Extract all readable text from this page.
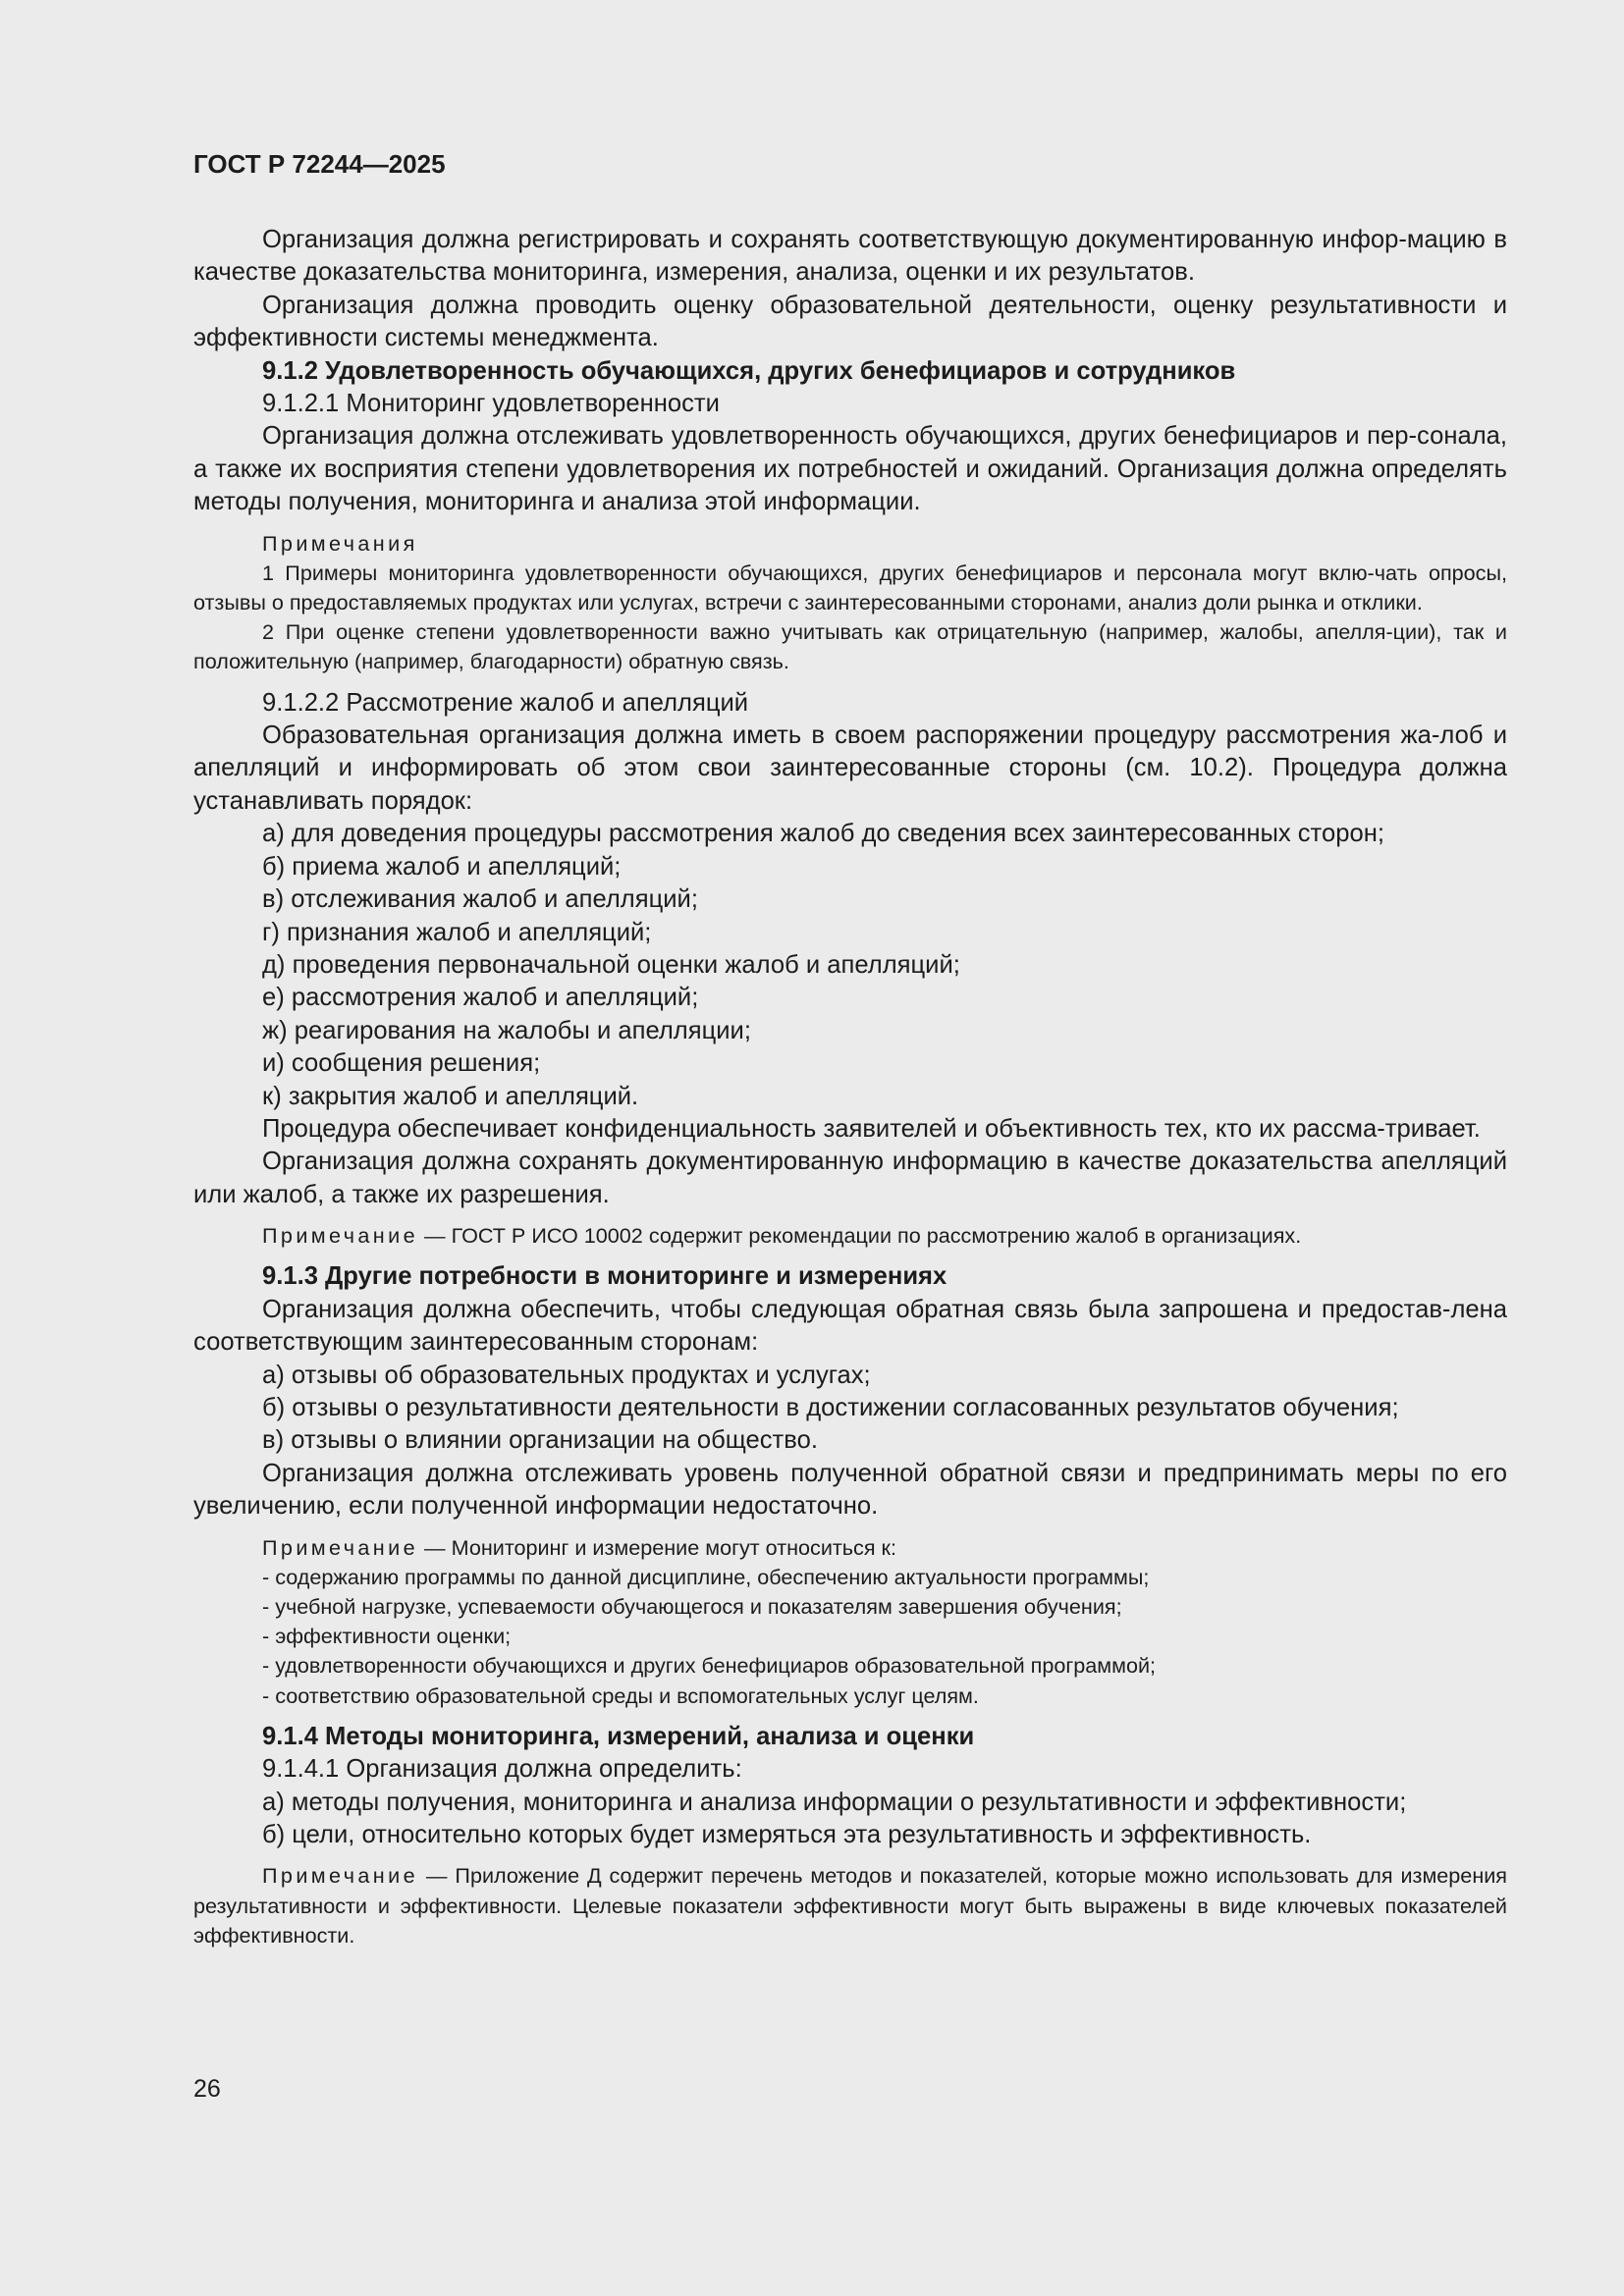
ГОСТ Р 72244—2025

Организация должна регистрировать и сохранять соответствующую документированную инфор-мацию в качестве доказательства мониторинга, измерения, анализа, оценки и их результатов.

Организация должна проводить оценку образовательной деятельности, оценку результативности и эффективности системы менеджмента.

9.1.2 Удовлетворенность обучающихся, других бенефициаров и сотрудников

9.1.2.1 Мониторинг удовлетворенности

Организация должна отслеживать удовлетворенность обучающихся, других бенефициаров и пер-сонала, а также их восприятия степени удовлетворения их потребностей и ожиданий. Организация должна определять методы получения, мониторинга и анализа этой информации.

Примечания

1 Примеры мониторинга удовлетворенности обучающихся, других бенефициаров и персонала могут вклю-чать опросы, отзывы о предоставляемых продуктах или услугах, встречи с заинтересованными сторонами, анализ доли рынка и отклики.

2 При оценке степени удовлетворенности важно учитывать как отрицательную (например, жалобы, апелля-ции), так и положительную (например, благодарности) обратную связь.

9.1.2.2 Рассмотрение жалоб и апелляций

Образовательная организация должна иметь в своем распоряжении процедуру рассмотрения жа-лоб и апелляций и информировать об этом свои заинтересованные стороны (см. 10.2). Процедура должна устанавливать порядок:

а) для доведения процедуры рассмотрения жалоб до сведения всех заинтересованных сторон;

б) приема жалоб и апелляций;

в) отслеживания жалоб и апелляций;

г) признания жалоб и апелляций;

д) проведения первоначальной оценки жалоб и апелляций;

е) рассмотрения жалоб и апелляций;

ж) реагирования на жалобы и апелляции;

и) сообщения решения;

к) закрытия жалоб и апелляций.

Процедура обеспечивает конфиденциальность заявителей и объективность тех, кто их рассма-тривает.

Организация должна сохранять документированную информацию в качестве доказательства апелляций или жалоб, а также их разрешения.

Примечание — ГОСТ Р ИСО 10002 содержит рекомендации по рассмотрению жалоб в организациях.

9.1.3 Другие потребности в мониторинге и измерениях

Организация должна обеспечить, чтобы следующая обратная связь была запрошена и предостав-лена соответствующим заинтересованным сторонам:

а) отзывы об образовательных продуктах и услугах;

б) отзывы о результативности деятельности в достижении согласованных результатов обучения;

в) отзывы о влиянии организации на общество.

Организация должна отслеживать уровень полученной обратной связи и предпринимать меры по его увеличению, если полученной информации недостаточно.

Примечание — Мониторинг и измерение могут относиться к:

- содержанию программы по данной дисциплине, обеспечению актуальности программы;

- учебной нагрузке, успеваемости обучающегося и показателям завершения обучения;

- эффективности оценки;

- удовлетворенности обучающихся и других бенефициаров образовательной программой;

- соответствию образовательной среды и вспомогательных услуг целям.

9.1.4 Методы мониторинга, измерений, анализа и оценки

9.1.4.1 Организация должна определить:

а) методы получения, мониторинга и анализа информации о результативности и эффективности;

б) цели, относительно которых будет измеряться эта результативность и эффективность.

Примечание — Приложение Д содержит перечень методов и показателей, которые можно использовать для измерения результативности и эффективности. Целевые показатели эффективности могут быть выражены в виде ключевых показателей эффективности.

26
